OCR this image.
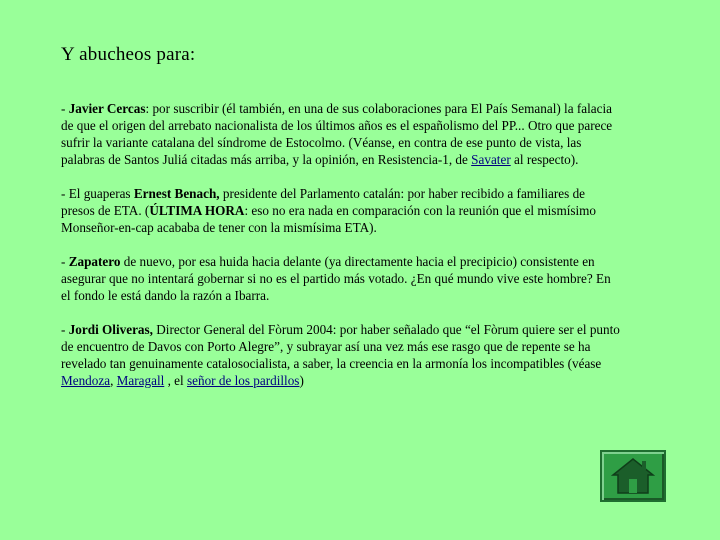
Y abucheos para:

- Javier Cercas: por suscribir (él también, en una de sus colaboraciones para El País Semanal) la falacia de que el origen del arrebato nacionalista de los últimos años es el españolismo del PP... Otro que parece sufrir la variante catalana del síndrome de Estocolmo. (Véanse, en contra de ese punto de vista, las palabras de Santos Juliá citadas más arriba, y la opinión, en Resistencia-1, de Savater al respecto).

- El guaperas Ernest Benach, presidente del Parlamento catalán: por haber recibido a familiares de presos de ETA. (ÚLTIMA HORA: eso no era nada en comparación con la reunión que el mismísimo Monseñor-en-cap acababa de tener con la mismísima ETA).

- Zapatero de nuevo, por esa huida hacia delante (ya directamente hacia el precipicio) consistente en asegurar que no intentará gobernar si no es el partido más votado. ¿En qué mundo vive este hombre? En el fondo le está dando la razón a Ibarra.

- Jordi Oliveras, Director General del Fòrum 2004: por haber señalado que “el Fòrum quiere ser el punto de encuentro de Davos con Porto Alegre”, y subrayar así una vez más ese rasgo que de repente se ha revelado tan genuinamente catalosocialista, a saber, la creencia en la armonía los incompatibles (véase Mendoza, Maragall , el señor de los pardillos)
